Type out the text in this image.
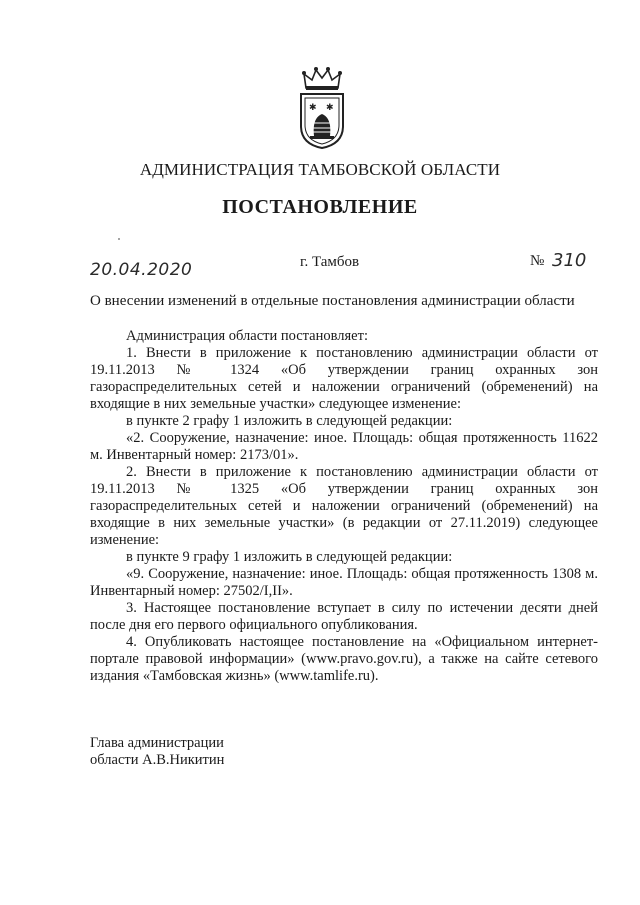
✱ ✱
АДМИНИСТРАЦИЯ ТАМБОВСКОЙ ОБЛАСТИ
ПОСТАНОВЛЕНИЕ
20.04.2020	г. Тамбов	№ 310
О внесении изменений в отдельные постановления администрации области

Администрация области постановляет:

1. Внести в приложение к постановлению администрации области от 19.11.2013 № 1324 «Об утверждении границ охранных зон газораспределительных сетей и наложении ограничений (обременений) на входящие в них земельные участки» следующее изменение:

в пункте 2 графу 1 изложить в следующей редакции:

«2. Сооружение, назначение: иное. Площадь: общая протяженность 11622 м. Инвентарный номер: 2173/01».

2. Внести в приложение к постановлению администрации области от 19.11.2013 № 1325 «Об утверждении границ охранных зон газораспределительных сетей и наложении ограничений (обременений) на входящие в них земельные участки» (в редакции от 27.11.2019) следующее изменение:

в пункте 9 графу 1 изложить в следующей редакции:

«9. Сооружение, назначение: иное. Площадь: общая протяженность 1308 м. Инвентарный номер: 27502/I,II».

3. Настоящее постановление вступает в силу по истечении десяти дней после дня его первого официального опубликования.

4. Опубликовать настоящее постановление на «Официальном интернет-портале правовой информации» (www.pravo.gov.ru), а также на сайте сетевого издания «Тамбовская жизнь» (www.tamlife.ru).

Глава администрации
области А.В.Никитин
